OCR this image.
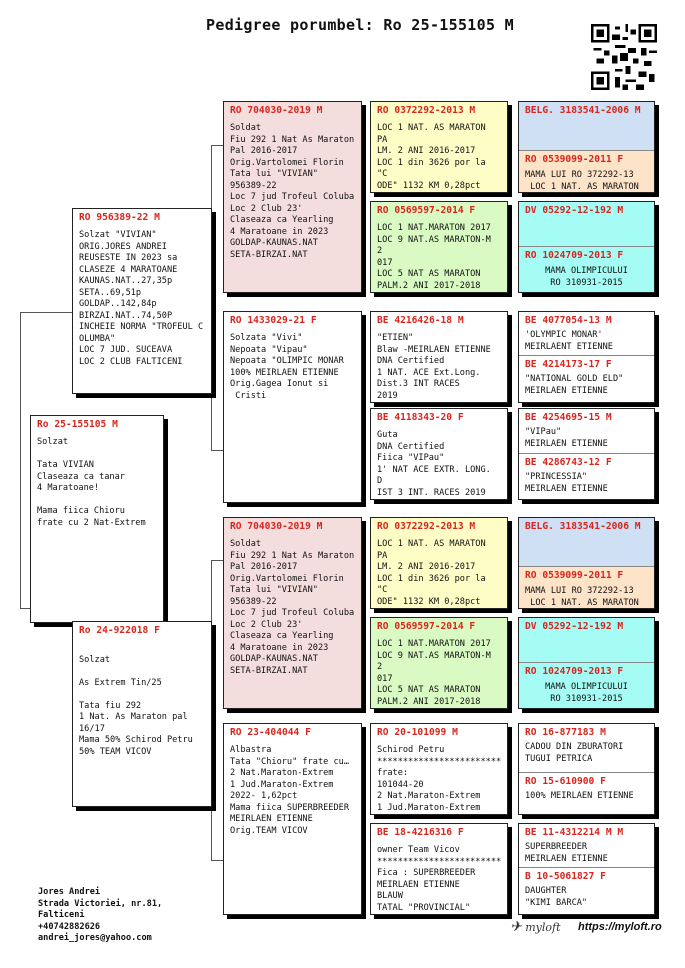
Pedigree porumbel: Ro 25-155105 M
Ro 25-155105 M
Solzat

Tata VIVIAN
Claseaza ca tanar
4 Maratoane!

Mama fiica Chioru
frate cu 2 Nat-Extrem
RO 956389-22 M
Solzat "VIVIAN"
ORIG.JORES ANDREI
REUSESTE IN 2023 sa
CLASEZE 4 MARATOANE
KAUNAS.NAT..27,35p
SETA..69,51p
GOLDAP..142,84p
BIRZAI.NAT..74,50P
INCHEIE NORMA "TROFEUL C
OLUMBA"
LOC 7 JUD. SUCEAVA
LOC 2 CLUB FALTICENI
Ro 24-922018 F

Solzat

As Extrem Tin/25

Tata fiu 292
1 Nat. As Maraton pal
16/17
Mama 50% Schirod Petru
50% TEAM VICOV
RO 704030-2019 M
Soldat
Fiu 292 1 Nat As Maraton
Pal 2016-2017
Orig.Vartolomei Florin
Tata lui "VIVIAN"
956389-22
Loc 7 jud Trofeul Coluba
Loc 2 Club 23'
Claseaza ca Yearling
4 Maratoane in 2023
GOLDAP-KAUNAS.NAT
SETA-BIRZAI.NAT
RO 1433029-21 F
Solzata "Vivi"
Nepoata "Vipau"
Nepoata "OLIMPIC MONAR
100% MEIRLAEN ETIENNE
Orig.Gagea Ionut si
Cristi
RO 704030-2019 M
Soldat
Fiu 292 1 Nat As Maraton
Pal 2016-2017
Orig.Vartolomei Florin
Tata lui "VIVIAN"
956389-22
Loc 7 jud Trofeul Coluba
Loc 2 Club 23'
Claseaza ca Yearling
4 Maratoane in 2023
GOLDAP-KAUNAS.NAT
SETA-BIRZAI.NAT
RO 23-404044 F
Albastra
Tata "Chioru" frate cu…
2 Nat.Maraton-Extrem
1 Jud.Maraton-Extrem
2022- 1,62pct
Mama fiica SUPERBREEDER
MEIRLAEN ETIENNE
Orig.TEAM VICOV
RO 0372292-2013 M
LOC 1 NAT. AS MARATON PA
LM. 2 ANI 2016-2017
LOC 1 din 3626 por la "C
ODE" 1132 KM 0,28pct

RO 0569597-2014 F
LOC 1 NAT.MARATON 2017
LOC 9 NAT.AS MARATON-M 2
017
LOC 5 NAT AS MARATON
PALM.2 ANI 2017-2018

BE 4216426-18 M
"ETIEN"
Blaw -MEIRLAEN ETIENNE
DNA Certified
1 NAT. ACE Ext.Long.
Dist.3 INT RACES
2019
BE 4118343-20 F
Guta
DNA Certified
Fiica "VIPau"
1' NAT ACE EXTR. LONG. D
IST 3 INT. RACES 2019

RO 0372292-2013 M
LOC 1 NAT. AS MARATON PA
LM. 2 ANI 2016-2017
LOC 1 din 3626 por la "C
ODE" 1132 KM 0,28pct

RO 0569597-2014 F
LOC 1 NAT.MARATON 2017
LOC 9 NAT.AS MARATON-M 2
017
LOC 5 NAT AS MARATON
PALM.2 ANI 2017-2018

RO 20-101099 M
Schirod Petru
************************
frate:
101044-20
2 Nat.Maraton-Extrem
1 Jud.Maraton-Extrem
BE 18-4216316 F
owner Team Vicov
************************
Fica : SUPERBREEDER
MEIRLAEN ETIENNE
BLAUW
TATAL "PROVINCIAL"
BELG. 3183541-2006 M
RO 0539099-2011 F
MAMA LUI RO 372292-13
LOC 1 NAT. AS MARATON
DV 05292-12-192 M
RO 1024709-2013 F
MAMA OLIMPICULUI
RO 310931-2015
BE 4077054-13 M
'OLYMPIC MONAR'
MEIRLAENT ETIENNE
BE 4214173-17 F
"NATIONAL GOLD ELD"
MEIRLAEN ETIENNE
BE 4254695-15 M
"VIPau"
MEIRLAEN ETIENNE
BE 4286743-12 F
"PRINCESSIA"
MEIRLAEN ETIENNE
BELG. 3183541-2006 M
RO 0539099-2011 F
MAMA LUI RO 372292-13
LOC 1 NAT. AS MARATON
DV 05292-12-192 M
RO 1024709-2013 F
MAMA OLIMPICULUI
RO 310931-2015
RO 16-877183 M
CADOU DIN ZBURATORI
TUGUI PETRICA
RO 15-610900 F
100% MEIRLAEN ETIENNE
BE 11-4312214 M M
SUPERBREEDER
MEIRLAEN ETIENNE
B 10-5061827 F
DAUGHTER
"KIMI BARCA"
Jores Andrei
Strada Victoriei, nr.81,
Falticeni
+40742882626
andrei_jores@yahoo.com
✈ myloft https://myloft.ro
